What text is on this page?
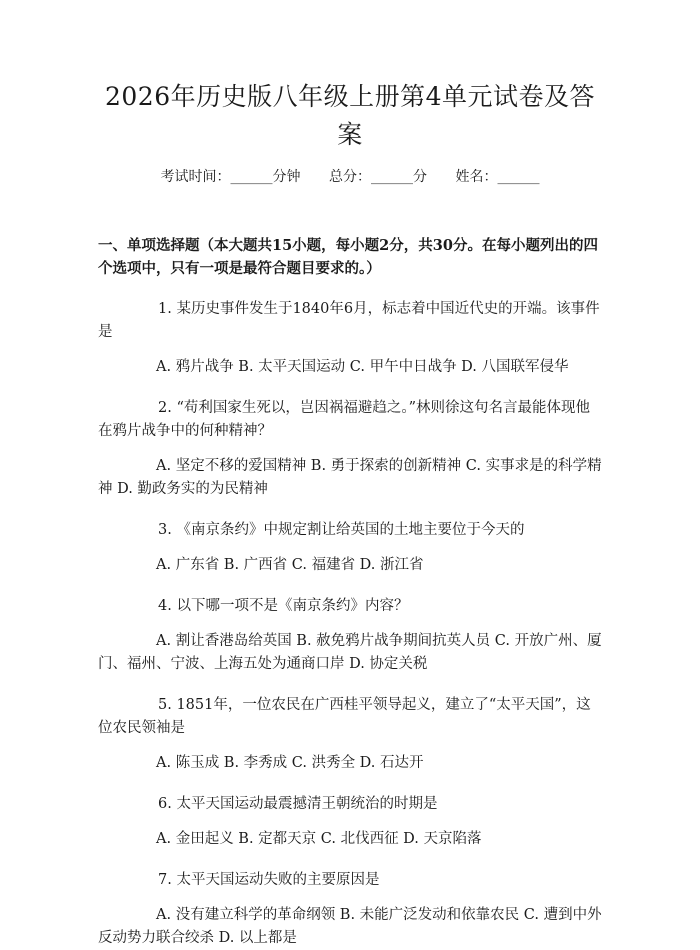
2026年历史版八年级上册第4单元试卷及答案
考试时间：______分钟 总分：______分 姓名：______
一、单项选择题（本大题共15小题，每小题2分，共30分。在每小题列出的四个选项中，只有一项是最符合题目要求的。）
1. 某历史事件发生于1840年6月，标志着中国近代史的开端。该事件是
A. 鸦片战争 B. 太平天国运动 C. 甲午中日战争 D. 八国联军侵华
2. “苟利国家生死以，岂因祸福避趋之。”林则徐这句名言最能体现他在鸦片战争中的何种精神？
A. 坚定不移的爱国精神 B. 勇于探索的创新精神 C. 实事求是的科学精神 D. 勤政务实的为民精神
3. 《南京条约》中规定割让给英国的土地主要位于今天的
A. 广东省 B. 广西省 C. 福建省 D. 浙江省
4. 以下哪一项不是《南京条约》内容？
A. 割让香港岛给英国 B. 赦免鸦片战争期间抗英人员 C. 开放广州、厦门、福州、宁波、上海五处为通商口岸 D. 协定关税
5. 1851年，一位农民在广西桂平领导起义，建立了“太平天国”，这位农民领袖是
A. 陈玉成 B. 李秀成 C. 洪秀全 D. 石达开
6. 太平天国运动最震撼清王朝统治的时期是
A. 金田起义 B. 定都天京 C. 北伐西征 D. 天京陷落
7. 太平天国运动失败的主要原因是
A. 没有建立科学的革命纲领 B. 未能广泛发动和依靠农民 C. 遭到中外反动势力联合绞杀 D. 以上都是
